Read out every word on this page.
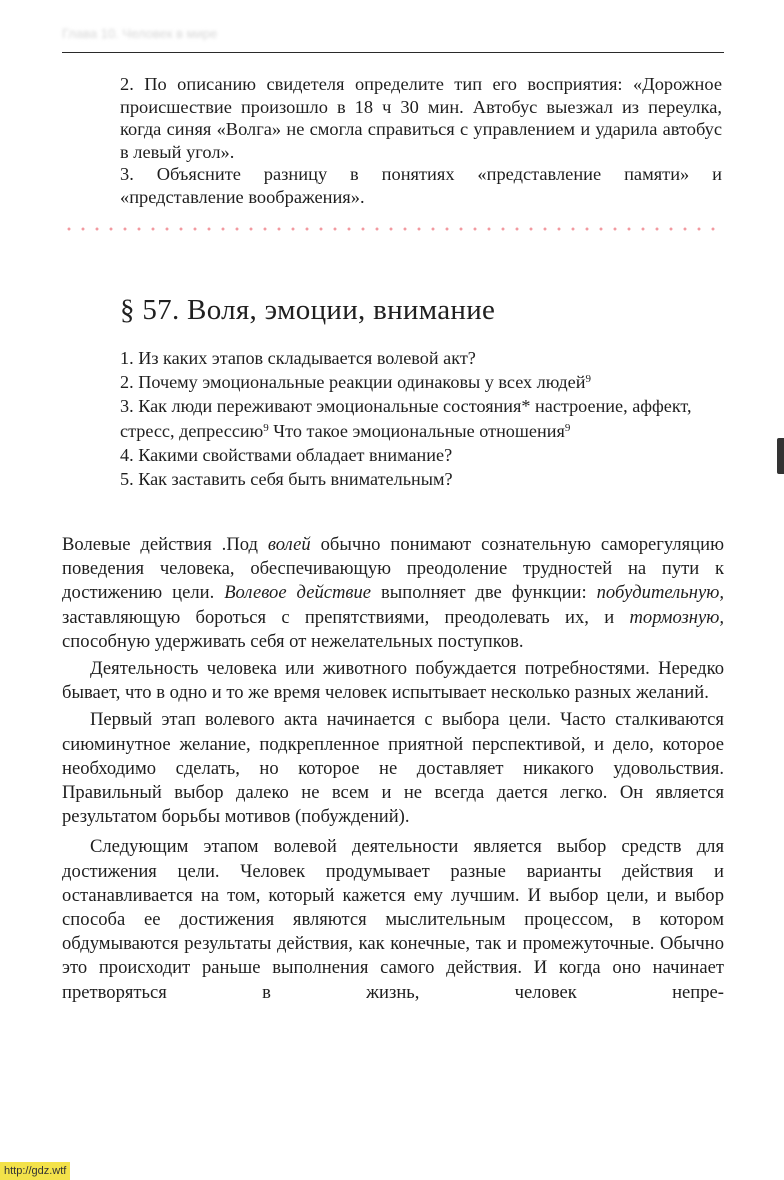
Глава 10. Человек в мире

2. По описанию свидетеля определите тип его восприятия: «Дорожное происшествие произошло в 18 ч 30 мин. Автобус выезжал из переулка, когда синяя «Волга» не смогла справиться с управлением и ударила автобус в левый угол».

3. Объясните разницу в понятиях «представление памяти» и «представление воображения».

§ 57. Воля, эмоции, внимание
1. Из каких этапов складывается волевой акт?
2. Почему эмоциональные реакции одинаковы у всех людей$^9$
3. Как люди переживают эмоциональные состояния* настроение, аффект, стресс, депрессию$^9$ Что такое эмоциональные отношения$^9$
4. Какими свойствами обладает внимание?
5. Как заставить себя быть внимательным?

Волевые действия .Под волей обычно понимают сознательную саморегуляцию поведения человека, обеспечивающую преодоление трудностей на пути к достижению цели. Волевое действие выполняет две функции: побудительную, заставляющую бороться с препятствиями, преодолевать их, и тормозную, способную удерживать себя от нежелательных поступков.

Деятельность человека или животного побуждается потребностями. Нередко бывает, что в одно и то же время человек испытывает несколько разных желаний.

Первый этап волевого акта начинается с выбора цели. Часто сталкиваются сиюминутное желание, подкрепленное приятной перспективой, и дело, которое необходимо сделать, но которое не доставляет никакого удовольствия. Правильный выбор далеко не всем и не всегда дается легко. Он является результатом борьбы мотивов (побуждений).

Следующим этапом волевой деятельности является выбор средств для достижения цели. Человек продумывает разные варианты действия и останавливается на том, который кажется ему лучшим. И выбор цели, и выбор способа ее достижения являются мыслительным процессом, в котором обдумываются результаты действия, как конечные, так и промежуточные. Обычно это происходит раньше выполнения самого действия. И когда оно начинает претворяться в жизнь, человек непре-

http://gdz.wtf
